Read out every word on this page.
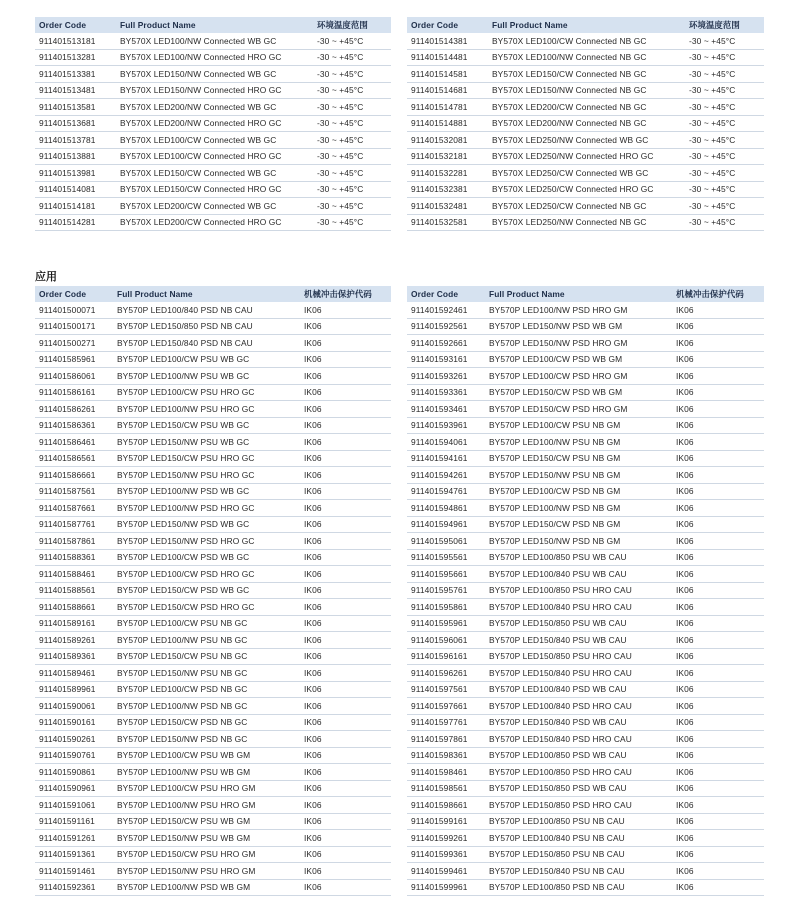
Order Code	Full Product Name	环境温度范围
911401513181	BY570X LED100/NW Connected WB GC	-30 ~ +45°C
911401513281	BY570X LED100/NW Connected HRO GC	-30 ~ +45°C
911401513381	BY570X LED150/NW Connected WB GC	-30 ~ +45°C
911401513481	BY570X LED150/NW Connected HRO GC	-30 ~ +45°C
911401513581	BY570X LED200/NW Connected WB GC	-30 ~ +45°C
911401513681	BY570X LED200/NW Connected HRO GC	-30 ~ +45°C
911401513781	BY570X LED100/CW Connected WB GC	-30 ~ +45°C
911401513881	BY570X LED100/CW Connected HRO GC	-30 ~ +45°C
911401513981	BY570X LED150/CW Connected WB GC	-30 ~ +45°C
911401514081	BY570X LED150/CW Connected HRO GC	-30 ~ +45°C
911401514181	BY570X LED200/CW Connected WB GC	-30 ~ +45°C
911401514281	BY570X LED200/CW Connected HRO GC	-30 ~ +45°C
Order Code	Full Product Name	环境温度范围
911401514381	BY570X LED100/CW Connected NB GC	-30 ~ +45°C
911401514481	BY570X LED100/NW Connected NB GC	-30 ~ +45°C
911401514581	BY570X LED150/CW Connected NB GC	-30 ~ +45°C
911401514681	BY570X LED150/NW Connected NB GC	-30 ~ +45°C
911401514781	BY570X LED200/CW Connected NB GC	-30 ~ +45°C
911401514881	BY570X LED200/NW Connected NB GC	-30 ~ +45°C
911401532081	BY570X LED250/NW Connected WB GC	-30 ~ +45°C
911401532181	BY570X LED250/NW Connected HRO GC	-30 ~ +45°C
911401532281	BY570X LED250/CW Connected WB GC	-30 ~ +45°C
911401532381	BY570X LED250/CW Connected HRO GC	-30 ~ +45°C
911401532481	BY570X LED250/CW Connected NB GC	-30 ~ +45°C
911401532581	BY570X LED250/NW Connected NB GC	-30 ~ +45°C
应用
Order Code	Full Product Name	机械冲击保护代码
911401500071	BY570P LED100/840 PSD NB CAU	IK06
911401500171	BY570P LED150/850 PSD NB CAU	IK06
911401500271	BY570P LED150/840 PSD NB CAU	IK06
911401585961	BY570P LED100/CW PSU WB GC	IK06
911401586061	BY570P LED100/NW PSU WB GC	IK06
911401586161	BY570P LED100/CW PSU HRO GC	IK06
911401586261	BY570P LED100/NW PSU HRO GC	IK06
911401586361	BY570P LED150/CW PSU WB GC	IK06
911401586461	BY570P LED150/NW PSU WB GC	IK06
911401586561	BY570P LED150/CW PSU HRO GC	IK06
911401586661	BY570P LED150/NW PSU HRO GC	IK06
911401587561	BY570P LED100/NW PSD WB GC	IK06
911401587661	BY570P LED100/NW PSD HRO GC	IK06
911401587761	BY570P LED150/NW PSD WB GC	IK06
911401587861	BY570P LED150/NW PSD HRO GC	IK06
911401588361	BY570P LED100/CW PSD WB GC	IK06
911401588461	BY570P LED100/CW PSD HRO GC	IK06
911401588561	BY570P LED150/CW PSD WB GC	IK06
911401588661	BY570P LED150/CW PSD HRO GC	IK06
911401589161	BY570P LED100/CW PSU NB GC	IK06
911401589261	BY570P LED100/NW PSU NB GC	IK06
911401589361	BY570P LED150/CW PSU NB GC	IK06
911401589461	BY570P LED150/NW PSU NB GC	IK06
911401589961	BY570P LED100/CW PSD NB GC	IK06
911401590061	BY570P LED100/NW PSD NB GC	IK06
911401590161	BY570P LED150/CW PSD NB GC	IK06
911401590261	BY570P LED150/NW PSD NB GC	IK06
911401590761	BY570P LED100/CW PSU WB GM	IK06
911401590861	BY570P LED100/NW PSU WB GM	IK06
911401590961	BY570P LED100/CW PSU HRO GM	IK06
911401591061	BY570P LED100/NW PSU HRO GM	IK06
911401591161	BY570P LED150/CW PSU WB GM	IK06
911401591261	BY570P LED150/NW PSU WB GM	IK06
911401591361	BY570P LED150/CW PSU HRO GM	IK06
911401591461	BY570P LED150/NW PSU HRO GM	IK06
911401592361	BY570P LED100/NW PSD WB GM	IK06
Order Code	Full Product Name	机械冲击保护代码
911401592461	BY570P LED100/NW PSD HRO GM	IK06
911401592561	BY570P LED150/NW PSD WB GM	IK06
911401592661	BY570P LED150/NW PSD HRO GM	IK06
911401593161	BY570P LED100/CW PSD WB GM	IK06
911401593261	BY570P LED100/CW PSD HRO GM	IK06
911401593361	BY570P LED150/CW PSD WB GM	IK06
911401593461	BY570P LED150/CW PSD HRO GM	IK06
911401593961	BY570P LED100/CW PSU NB GM	IK06
911401594061	BY570P LED100/NW PSU NB GM	IK06
911401594161	BY570P LED150/CW PSU NB GM	IK06
911401594261	BY570P LED150/NW PSU NB GM	IK06
911401594761	BY570P LED100/CW PSD NB GM	IK06
911401594861	BY570P LED100/NW PSD NB GM	IK06
911401594961	BY570P LED150/CW PSD NB GM	IK06
911401595061	BY570P LED150/NW PSD NB GM	IK06
911401595561	BY570P LED100/850 PSU WB CAU	IK06
911401595661	BY570P LED100/840 PSU WB CAU	IK06
911401595761	BY570P LED100/850 PSU HRO CAU	IK06
911401595861	BY570P LED100/840 PSU HRO CAU	IK06
911401595961	BY570P LED150/850 PSU WB CAU	IK06
911401596061	BY570P LED150/840 PSU WB CAU	IK06
911401596161	BY570P LED150/850 PSU HRO CAU	IK06
911401596261	BY570P LED150/840 PSU HRO CAU	IK06
911401597561	BY570P LED100/840 PSD WB CAU	IK06
911401597661	BY570P LED100/840 PSD HRO CAU	IK06
911401597761	BY570P LED150/840 PSD WB CAU	IK06
911401597861	BY570P LED150/840 PSD HRO CAU	IK06
911401598361	BY570P LED100/850 PSD WB CAU	IK06
911401598461	BY570P LED100/850 PSD HRO CAU	IK06
911401598561	BY570P LED150/850 PSD WB CAU	IK06
911401598661	BY570P LED150/850 PSD HRO CAU	IK06
911401599161	BY570P LED100/850 PSU NB CAU	IK06
911401599261	BY570P LED100/840 PSU NB CAU	IK06
911401599361	BY570P LED150/850 PSU NB CAU	IK06
911401599461	BY570P LED150/840 PSU NB CAU	IK06
911401599961	BY570P LED100/850 PSD NB CAU	IK06
